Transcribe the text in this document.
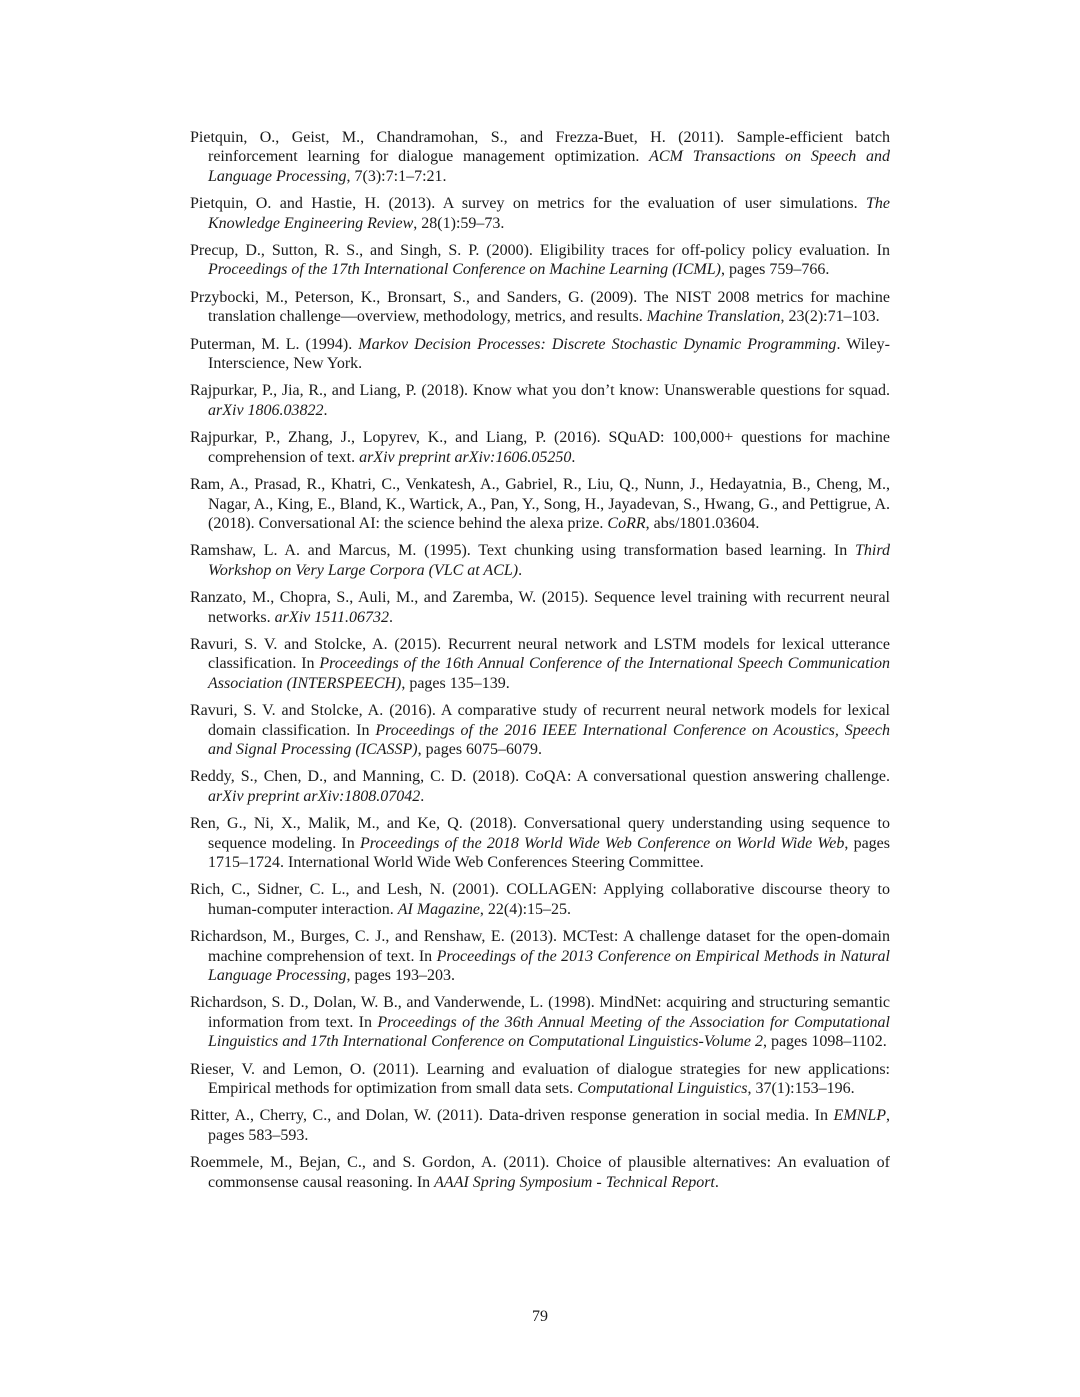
Pietquin, O., Geist, M., Chandramohan, S., and Frezza-Buet, H. (2011). Sample-efficient batch reinforcement learning for dialogue management optimization. ACM Transactions on Speech and Language Processing, 7(3):7:1–7:21.

Pietquin, O. and Hastie, H. (2013). A survey on metrics for the evaluation of user simulations. The Knowledge Engineering Review, 28(1):59–73.

Precup, D., Sutton, R. S., and Singh, S. P. (2000). Eligibility traces for off-policy policy evaluation. In Proceedings of the 17th International Conference on Machine Learning (ICML), pages 759–766.

Przybocki, M., Peterson, K., Bronsart, S., and Sanders, G. (2009). The NIST 2008 metrics for machine translation challenge—overview, methodology, metrics, and results. Machine Translation, 23(2):71–103.

Puterman, M. L. (1994). Markov Decision Processes: Discrete Stochastic Dynamic Programming. Wiley-Interscience, New York.

Rajpurkar, P., Jia, R., and Liang, P. (2018). Know what you don’t know: Unanswerable questions for squad. arXiv 1806.03822.

Rajpurkar, P., Zhang, J., Lopyrev, K., and Liang, P. (2016). SQuAD: 100,000+ questions for machine comprehension of text. arXiv preprint arXiv:1606.05250.

Ram, A., Prasad, R., Khatri, C., Venkatesh, A., Gabriel, R., Liu, Q., Nunn, J., Hedayatnia, B., Cheng, M., Nagar, A., King, E., Bland, K., Wartick, A., Pan, Y., Song, H., Jayadevan, S., Hwang, G., and Pettigrue, A. (2018). Conversational AI: the science behind the alexa prize. CoRR, abs/1801.03604.

Ramshaw, L. A. and Marcus, M. (1995). Text chunking using transformation based learning. In Third Workshop on Very Large Corpora (VLC at ACL).

Ranzato, M., Chopra, S., Auli, M., and Zaremba, W. (2015). Sequence level training with recurrent neural networks. arXiv 1511.06732.

Ravuri, S. V. and Stolcke, A. (2015). Recurrent neural network and LSTM models for lexical utterance classification. In Proceedings of the 16th Annual Conference of the International Speech Communication Association (INTERSPEECH), pages 135–139.

Ravuri, S. V. and Stolcke, A. (2016). A comparative study of recurrent neural network models for lexical domain classification. In Proceedings of the 2016 IEEE International Conference on Acoustics, Speech and Signal Processing (ICASSP), pages 6075–6079.

Reddy, S., Chen, D., and Manning, C. D. (2018). CoQA: A conversational question answering challenge. arXiv preprint arXiv:1808.07042.

Ren, G., Ni, X., Malik, M., and Ke, Q. (2018). Conversational query understanding using sequence to sequence modeling. In Proceedings of the 2018 World Wide Web Conference on World Wide Web, pages 1715–1724. International World Wide Web Conferences Steering Committee.

Rich, C., Sidner, C. L., and Lesh, N. (2001). COLLAGEN: Applying collaborative discourse theory to human-computer interaction. AI Magazine, 22(4):15–25.

Richardson, M., Burges, C. J., and Renshaw, E. (2013). MCTest: A challenge dataset for the open-domain machine comprehension of text. In Proceedings of the 2013 Conference on Empirical Methods in Natural Language Processing, pages 193–203.

Richardson, S. D., Dolan, W. B., and Vanderwende, L. (1998). MindNet: acquiring and structuring semantic information from text. In Proceedings of the 36th Annual Meeting of the Association for Computational Linguistics and 17th International Conference on Computational Linguistics-Volume 2, pages 1098–1102.

Rieser, V. and Lemon, O. (2011). Learning and evaluation of dialogue strategies for new applications: Empirical methods for optimization from small data sets. Computational Linguistics, 37(1):153–196.

Ritter, A., Cherry, C., and Dolan, W. (2011). Data-driven response generation in social media. In EMNLP, pages 583–593.

Roemmele, M., Bejan, C., and S. Gordon, A. (2011). Choice of plausible alternatives: An evaluation of commonsense causal reasoning. In AAAI Spring Symposium - Technical Report.

79
